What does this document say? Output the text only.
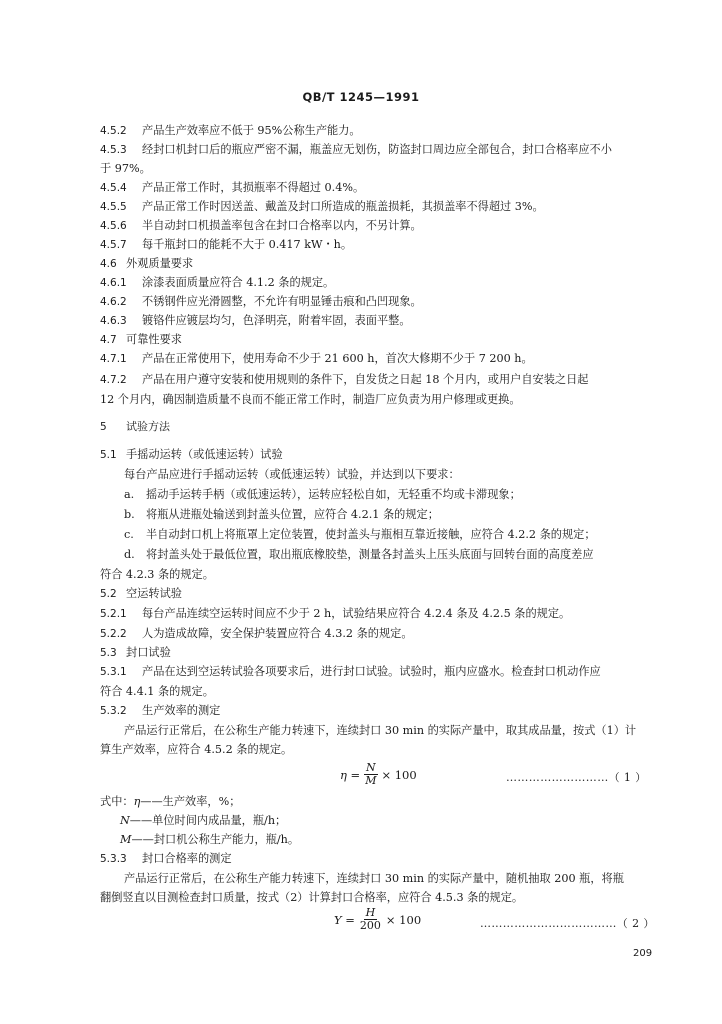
QB/T 1245—1991
4.5.2 产品生产效率应不低于 95%公称生产能力。
4.5.3 经封口机封口后的瓶应严密不漏，瓶盖应无划伤，防盗封口周边应全部包合，封口合格率应不小
于 97%。
4.5.4 产品正常工作时，其损瓶率不得超过 0.4%。
4.5.5 产品正常工作时因送盖、戴盖及封口所造成的瓶盖损耗，其损盖率不得超过 3%。
4.5.6 半自动封口机损盖率包含在封口合格率以内，不另计算。
4.5.7 每千瓶封口的能耗不大于 0.417 kW・h。
4.6 外观质量要求
4.6.1 涂漆表面质量应符合 4.1.2 条的规定。
4.6.2 不锈钢件应光滑圆整，不允许有明显锤击痕和凸凹现象。
4.6.3 镀铬件应镀层均匀，色泽明亮，附着牢固，表面平整。
4.7 可靠性要求
4.7.1 产品在正常使用下，使用寿命不少于 21 600 h，首次大修期不少于 7 200 h。
4.7.2 产品在用户遵守安装和使用规则的条件下，自发货之日起 18 个月内，或用户自安装之日起
12 个月内，确因制造质量不良而不能正常工作时，制造厂应负责为用户修理或更换。
5 试验方法
5.1 手摇动运转（或低速运转）试验
每台产品应进行手摇动运转（或低速运转）试验，并达到以下要求：
a. 摇动手运转手柄（或低速运转），运转应轻松自如，无轻重不均或卡滞现象；
b. 将瓶从进瓶处输送到封盖头位置，应符合 4.2.1 条的规定；
c. 半自动封口机上将瓶罩上定位装置，使封盖头与瓶相互靠近接触，应符合 4.2.2 条的规定；
d. 将封盖头处于最低位置，取出瓶底橡胶垫，测量各封盖头上压头底面与回转台面的高度差应
符合 4.2.3 条的规定。
5.2 空运转试验
5.2.1 每台产品连续空运转时间应不少于 2 h，试验结果应符合 4.2.4 条及 4.2.5 条的规定。
5.2.2 人为造成故障，安全保护装置应符合 4.3.2 条的规定。
5.3 封口试验
5.3.1 产品在达到空运转试验各项要求后，进行封口试验。试验时，瓶内应盛水。检查封口机动作应
符合 4.4.1 条的规定。
5.3.2 生产效率的测定
产品运行正常后，在公称生产能力转速下，连续封口 30 min 的实际产量中，取其成品量，按式（1）计
算生产效率，应符合 4.5.2 条的规定。
$\eta = \frac{N}{M} \times 100$	………………………（ 1 ）
式中：η——生产效率，%；
N——单位时间内成品量，瓶/h；
M——封口机公称生产能力，瓶/h。
5.3.3 封口合格率的测定
产品运行正常后，在公称生产能力转速下，连续封口 30 min 的实际产量中，随机抽取 200 瓶，将瓶
翻倒竖直以目测检查封口质量，按式（2）计算封口合格率，应符合 4.5.3 条的规定。
$Y = \frac{H}{200} \times 100$	………………………………（ 2 ）
209
